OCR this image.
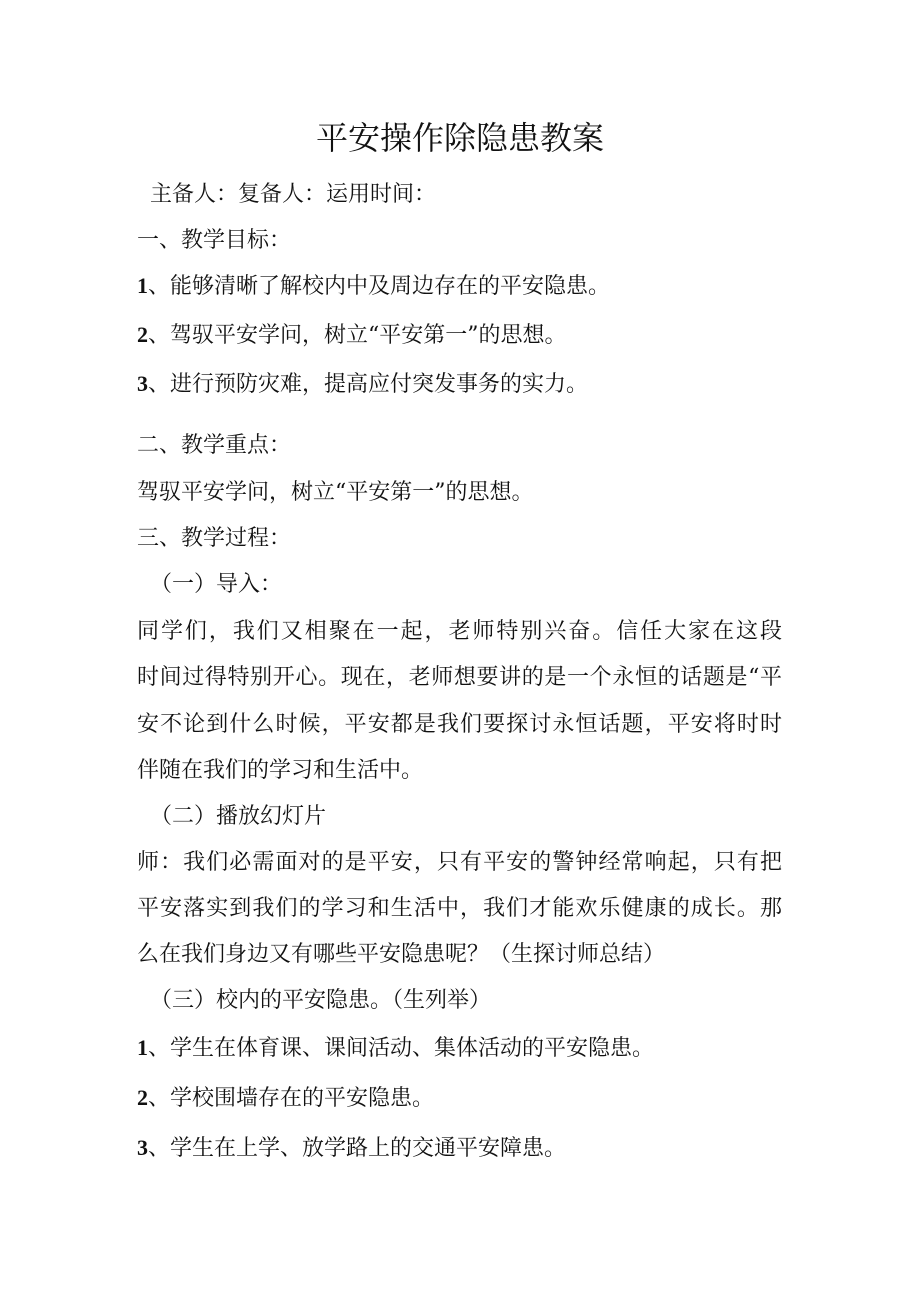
平安操作除隐患教案
主备人：复备人：运用时间：
一、教学目标：
1、能够清晰了解校内中及周边存在的平安隐患。
2、驾驭平安学问，树立“平安第一”的思想。
3、进行预防灾难，提高应付突发事务的实力。
二、教学重点：
驾驭平安学问，树立“平安第一”的思想。
三、教学过程：
（一）导入：
同学们，我们又相聚在一起，老师特别兴奋。信任大家在这段
时间过得特别开心。现在，老师想要讲的是一个永恒的话题是“平
安不论到什么时候，平安都是我们要探讨永恒话题，平安将时时
伴随在我们的学习和生活中。
（二）播放幻灯片
师：我们必需面对的是平安，只有平安的警钟经常响起，只有把
平安落实到我们的学习和生活中，我们才能欢乐健康的成长。那
么在我们身边又有哪些平安隐患呢？（生探讨师总结）
（三）校内的平安隐患。（生列举）
1、学生在体育课、课间活动、集体活动的平安隐患。
2、学校围墙存在的平安隐患。
3、学生在上学、放学路上的交通平安障患。
